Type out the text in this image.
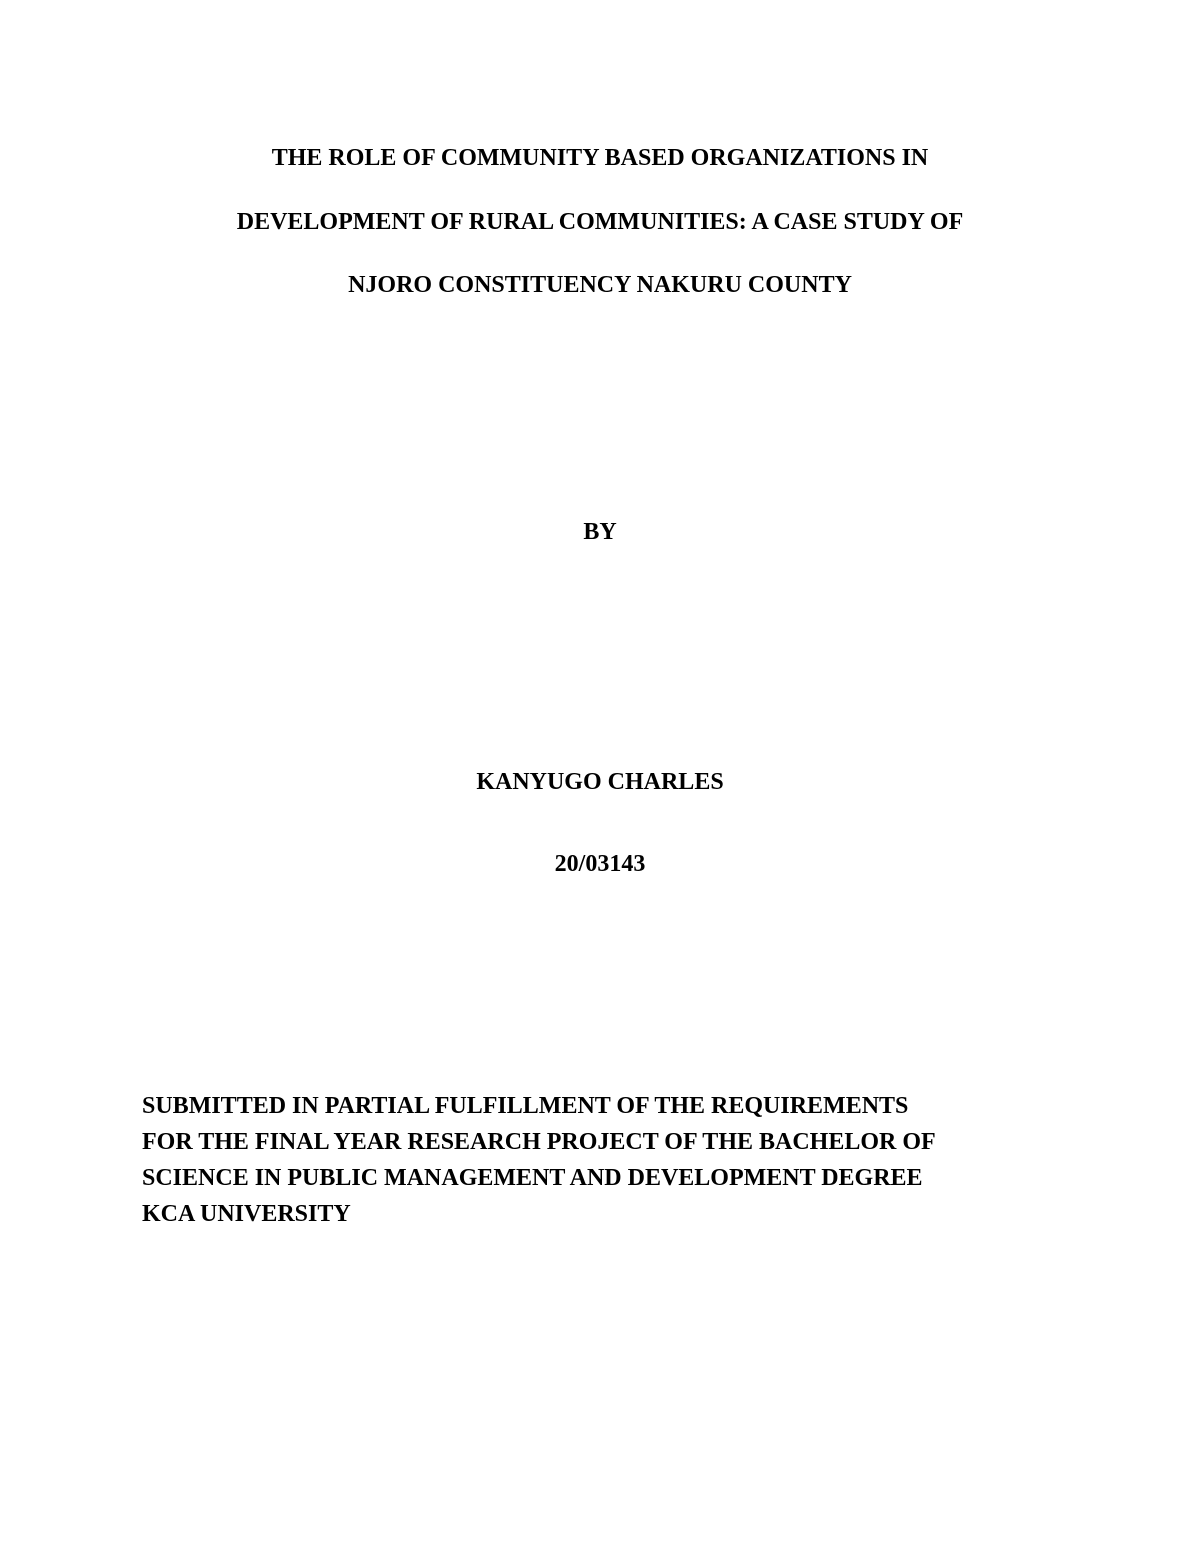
THE ROLE OF COMMUNITY BASED ORGANIZATIONS IN
DEVELOPMENT OF RURAL COMMUNITIES: A CASE STUDY OF
NJORO CONSTITUENCY NAKURU COUNTY

BY

KANYUGO CHARLES

20/03143

SUBMITTED IN PARTIAL FULFILLMENT OF THE REQUIREMENTS
FOR THE FINAL YEAR RESEARCH PROJECT OF THE BACHELOR OF
SCIENCE IN PUBLIC MANAGEMENT AND DEVELOPMENT DEGREE
KCA UNIVERSITY
